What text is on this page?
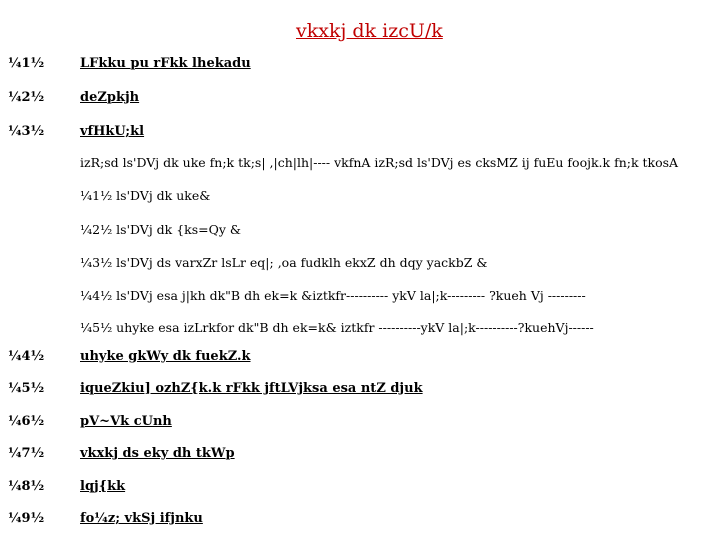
vkxkj dk izcU/k
¼1½	LFkku pu rFkk lhekadu
¼2½	deZpkjh
¼3½	vfHkU;kl
izR;sd ls'DVj dk uke fn;k tk;s| ,|ch|lh|---- vkfnA izR;sd ls'DVj es cksMZ ij fuEu foojk.k fn;k tkosA
¼1½ ls'DVj dk uke&
¼2½ ls'DVj dk {ks=Qy &
¼3½ ls'DVj ds varxZr lsLr eq|; ,oa fudklh ekxZ dh dqy yackbZ &
¼4½ ls'DVj esa j|kh dk"B dh ek=k &iztkfr---------- ykV la|;k--------- ?kueh Vj ---------
¼5½ uhyke esa izLrkfor dk"B dh ek=k& iztkfr ----------ykV la|;k----------?kuehVj------
¼4½	uhyke gkWy dk fuekZ.k
¼5½	iqueZkiu] ozhZ{k.k rFkk jftLVjksa esa ntZ djuk
¼6½	pV~Vk cUnh
¼7½	vkxkj ds eky dh tkWp
¼8½	lqj{kk
¼9½	fo¼z; vkSj ifjnku
